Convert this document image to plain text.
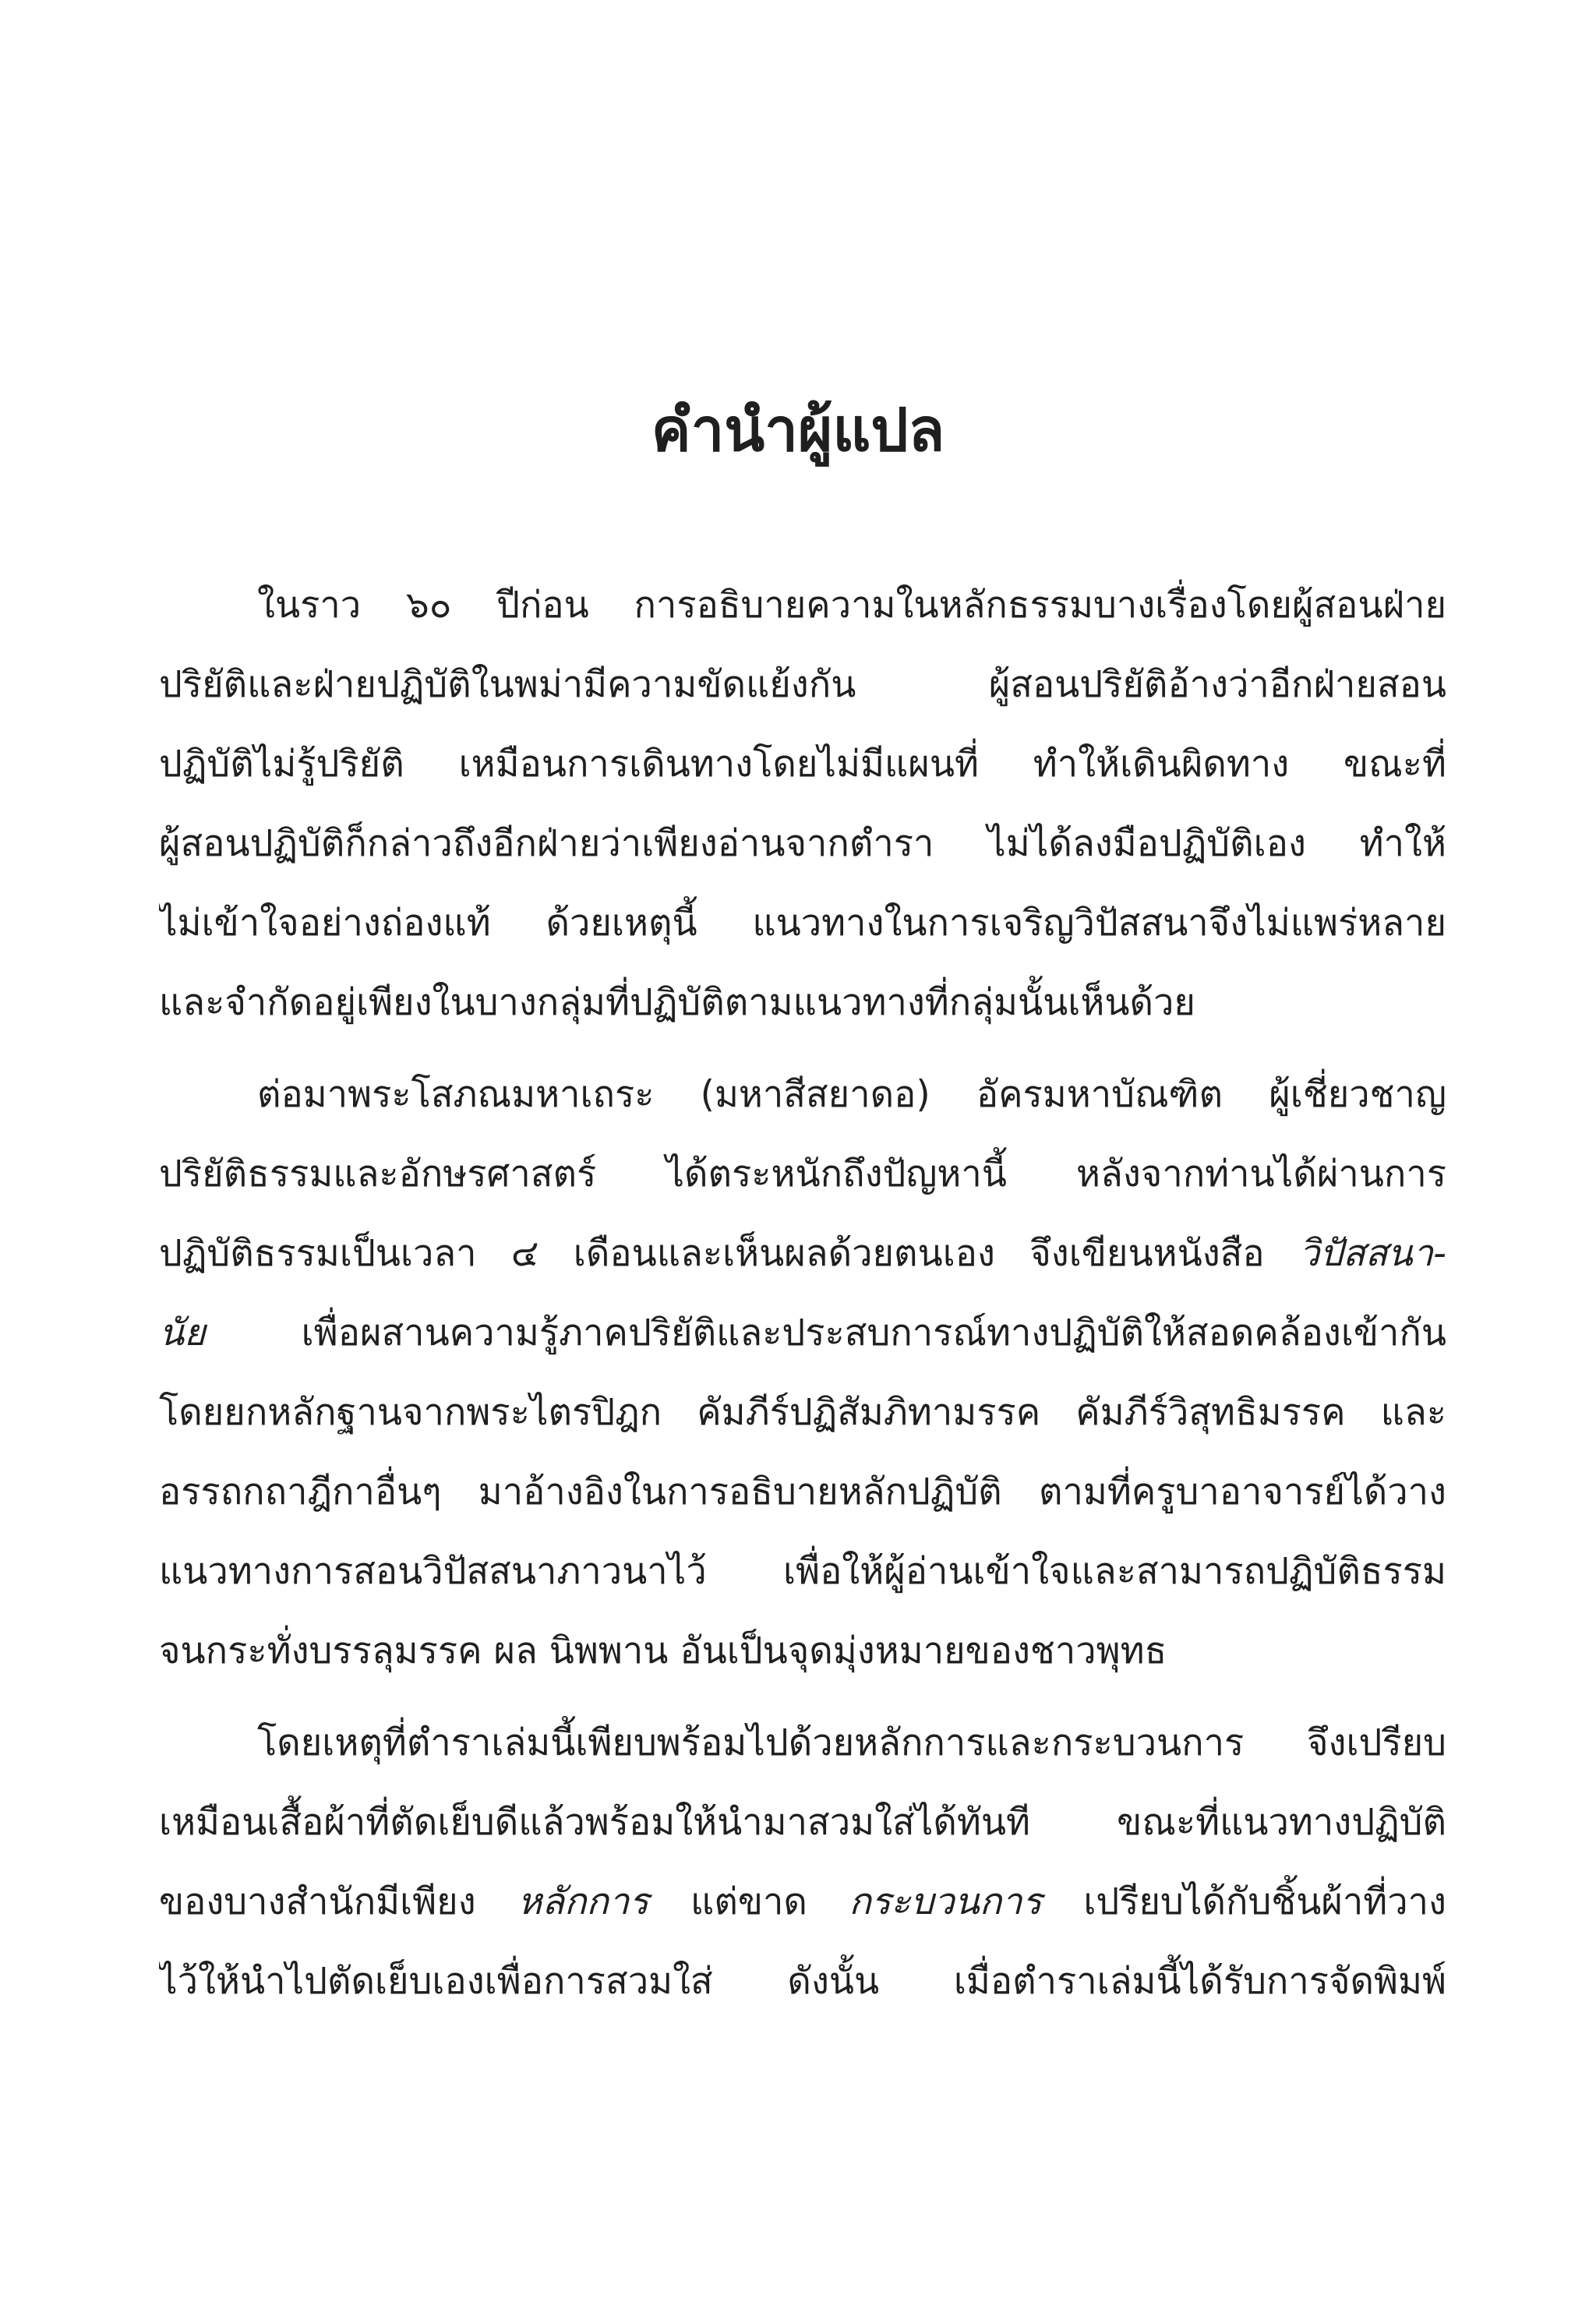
คำนำผู้แปล
ในราว ๖๐ ปีก่อน การอธิบายความในหลักธรรมบางเรื่องโดยผู้สอนฝ่าย
ปริยัติและฝ่ายปฏิบัติในพม่ามีความขัดแย้งกัน ผู้สอนปริยัติอ้างว่าอีกฝ่ายสอน
ปฏิบัติไม่รู้ปริยัติ เหมือนการเดินทางโดยไม่มีแผนที่ ทำให้เดินผิดทาง ขณะที่
ผู้สอนปฏิบัติก็กล่าวถึงอีกฝ่ายว่าเพียงอ่านจากตำรา ไม่ได้ลงมือปฏิบัติเอง ทำให้
ไม่เข้าใจอย่างถ่องแท้ ด้วยเหตุนี้ แนวทางในการเจริญวิปัสสนาจึงไม่แพร่หลาย
และจำกัดอยู่เพียงในบางกลุ่มที่ปฏิบัติตามแนวทางที่กลุ่มนั้นเห็นด้วย
ต่อมาพระโสภณมหาเถระ (มหาสีสยาดอ) อัครมหาบัณฑิต ผู้เชี่ยวชาญ
ปริยัติธรรมและอักษรศาสตร์ ได้ตระหนักถึงปัญหานี้ หลังจากท่านได้ผ่านการ
ปฏิบัติธรรมเป็นเวลา ๔ เดือนและเห็นผลด้วยตนเอง จึงเขียนหนังสือ วิปัสสนา-
นัย	เพื่อผสานความรู้ภาคปริยัติและประสบการณ์ทางปฏิบัติให้สอดคล้องเข้ากัน
โดยยกหลักฐานจากพระไตรปิฎก คัมภีร์ปฏิสัมภิทามรรค คัมภีร์วิสุทธิมรรค และ
อรรถกถาฎีกาอื่นๆ มาอ้างอิงในการอธิบายหลักปฏิบัติ ตามที่ครูบาอาจารย์ได้วาง
แนวทางการสอนวิปัสสนาภาวนาไว้ เพื่อให้ผู้อ่านเข้าใจและสามารถปฏิบัติธรรม
จนกระทั่งบรรลุมรรค ผล นิพพาน อันเป็นจุดมุ่งหมายของชาวพุทธ
โดยเหตุที่ตำราเล่มนี้เพียบพร้อมไปด้วยหลักการและกระบวนการ จึงเปรียบ
เหมือนเสื้อผ้าที่ตัดเย็บดีแล้วพร้อมให้นำมาสวมใส่ได้ทันที ขณะที่แนวทางปฏิบัติ
ของบางสำนักมีเพียง หลักการ แต่ขาด กระบวนการ เปรียบได้กับชิ้นผ้าที่วาง
ไว้ให้นำไปตัดเย็บเองเพื่อการสวมใส่ ดังนั้น เมื่อตำราเล่มนี้ได้รับการจัดพิมพ์
